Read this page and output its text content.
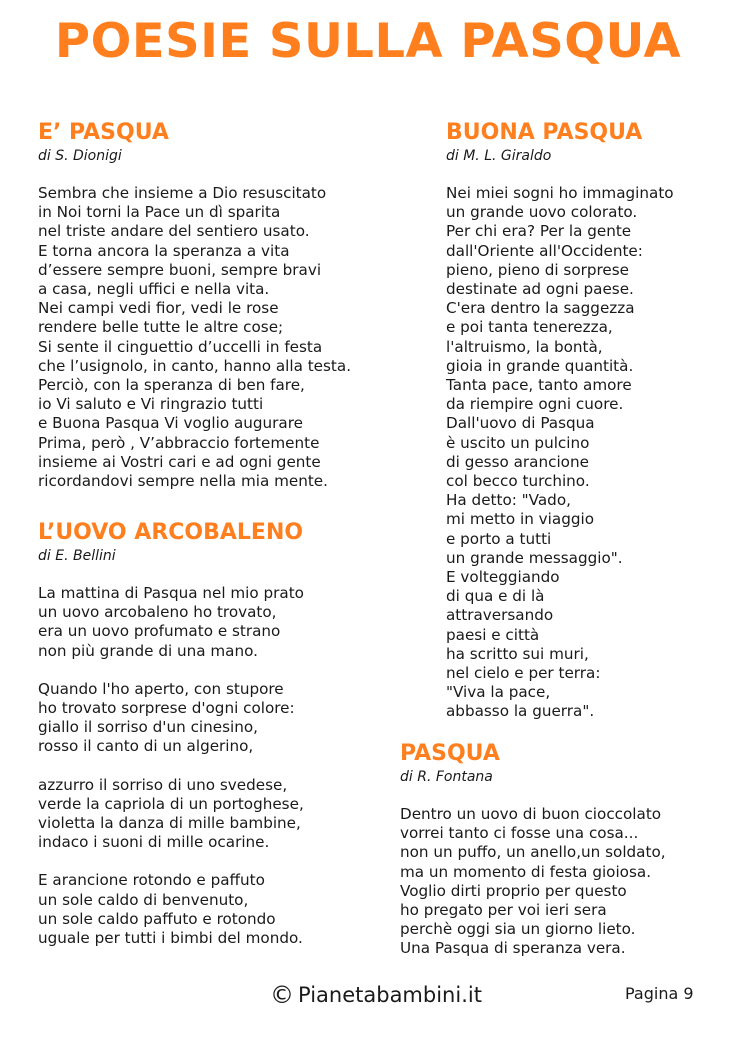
POESIE SULLA PASQUA
E’ PASQUA
di S. Dionigi
Sembra che insieme a Dio resuscitato
in Noi torni la Pace un dì sparita
nel triste andare del sentiero usato.
E torna ancora la speranza a vita
d’essere sempre buoni, sempre bravi
a casa, negli uffici e nella vita.
Nei campi vedi fior, vedi le rose
rendere belle tutte le altre cose;
Si sente il cinguettio d’uccelli in festa
che l’usignolo, in canto, hanno alla testa.
Perciò, con la speranza di ben fare,
io Vi saluto e Vi ringrazio tutti
e Buona Pasqua Vi voglio augurare
Prima, però , V’abbraccio fortemente
insieme ai Vostri cari e ad ogni gente
ricordandovi sempre nella mia mente.
L’UOVO ARCOBALENO
di E. Bellini
La mattina di Pasqua nel mio prato
un uovo arcobaleno ho trovato,
era un uovo profumato e strano
non più grande di una mano.
Quando l'ho aperto, con stupore
ho trovato sorprese d'ogni colore:
giallo il sorriso d'un cinesino,
rosso il canto di un algerino,
azzurro il sorriso di uno svedese,
verde la capriola di un portoghese,
violetta la danza di mille bambine,
indaco i suoni di mille ocarine.
E arancione rotondo e paffuto
un sole caldo di benvenuto,
un sole caldo paffuto e rotondo
uguale per tutti i bimbi del mondo.
BUONA PASQUA
di M. L. Giraldo
Nei miei sogni ho immaginato
un grande uovo colorato.
Per chi era? Per la gente
dall'Oriente all'Occidente:
pieno, pieno di sorprese
destinate ad ogni paese.
C'era dentro la saggezza
e poi tanta tenerezza,
l'altruismo, la bontà,
gioia in grande quantità.
Tanta pace, tanto amore
da riempire ogni cuore.
Dall'uovo di Pasqua
è uscito un pulcino
di gesso arancione
col becco turchino.
Ha detto: "Vado,
mi metto in viaggio
e porto a tutti
un grande messaggio".
E volteggiando
di qua e di là
attraversando
paesi e città
ha scritto sui muri,
nel cielo e per terra:
"Viva la pace,
abbasso la guerra".
PASQUA
di R. Fontana
Dentro un uovo di buon cioccolato
vorrei tanto ci fosse una cosa...
non un puffo, un anello,un soldato,
ma un momento di festa gioiosa.
Voglio dirti proprio per questo
ho pregato per voi ieri sera
perchè oggi sia un giorno lieto.
Una Pasqua di speranza vera.
© Pianetabambini.it	Pagina 9
